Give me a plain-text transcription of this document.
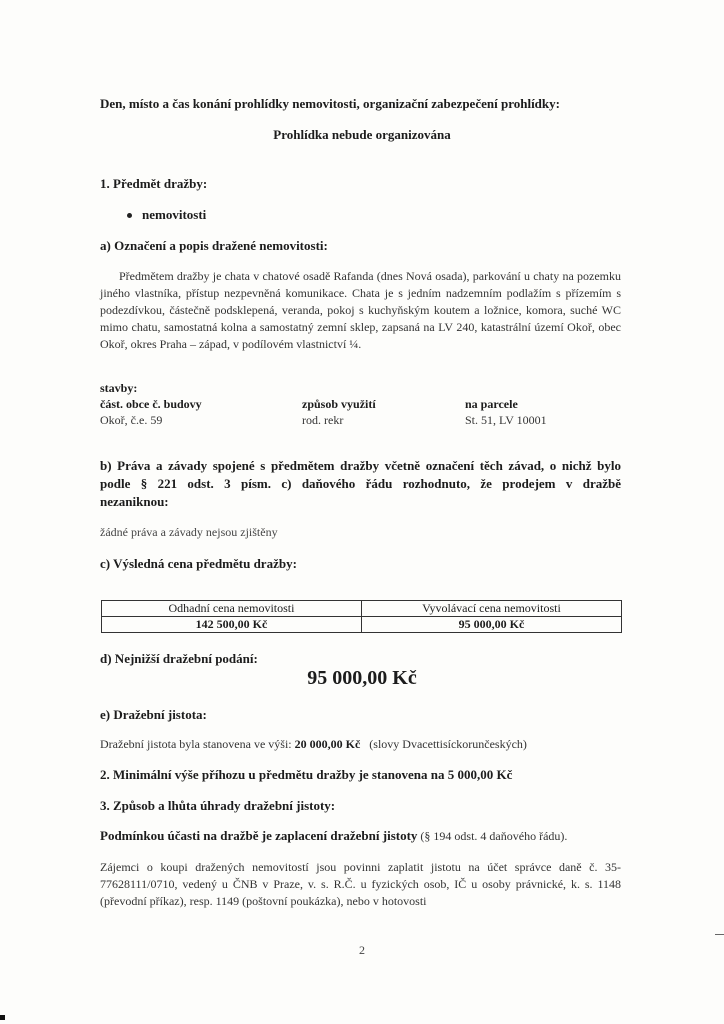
Den, místo a čas konání prohlídky nemovitosti, organizační zabezpečení prohlídky:
Prohlídka nebude organizována
1. Předmět dražby:
nemovitosti
a) Označení a popis dražené nemovitosti:
Předmětem dražby je chata v chatové osadě Rafanda (dnes Nová osada), parkování u chaty na pozemku jiného vlastníka, přístup nezpevněná komunikace. Chata je s jedním nadzemním podlažím s přízemím s podezdívkou, částečně podsklepená, veranda, pokoj s kuchyňským koutem a ložnice, komora, suché WC mimo chatu, samostatná kolna a samostatný zemní sklep, zapsaná na LV 240, katastrální území Okoř, obec Okoř, okres Praha – západ, v podílovém vlastnictví ¼.
stavby:
část. obce č. budovy	způsob využití	na parcele
Okoř, č.e. 59	rod. rekr	St. 51, LV 10001
b) Práva a závady spojené s předmětem dražby včetně označení těch závad, o nichž bylo
podle § 221 odst. 3 písm. c) daňového řádu rozhodnuto, že prodejem v dražbě
nezaniknou:
žádné práva a závady nejsou zjištěny
c) Výsledná cena předmětu dražby:
Odhadní cena nemovitosti	Vyvolávací cena nemovitosti
142 500,00 Kč	95 000,00 Kč
d) Nejnižší dražební podání:
95 000,00 Kč
e) Dražební jistota:
Dražební jistota byla stanovena ve výši: 20 000,00 Kč (slovy Dvacettisíckorunčeských)
2. Minimální výše příhozu u předmětu dražby je stanovena na 5 000,00 Kč
3. Způsob a lhůta úhrady dražební jistoty:
Podmínkou účasti na dražbě je zaplacení dražební jistoty (§ 194 odst. 4 daňového řádu).
Zájemci o koupi dražených nemovitostí jsou povinni zaplatit jistotu na účet správce daně č. 35-77628111/0710, vedený u ČNB v Praze, v. s. R.Č. u fyzických osob, IČ u osoby právnické, k. s. 1148 (převodní příkaz), resp. 1149 (poštovní poukázka), nebo v hotovosti
2
